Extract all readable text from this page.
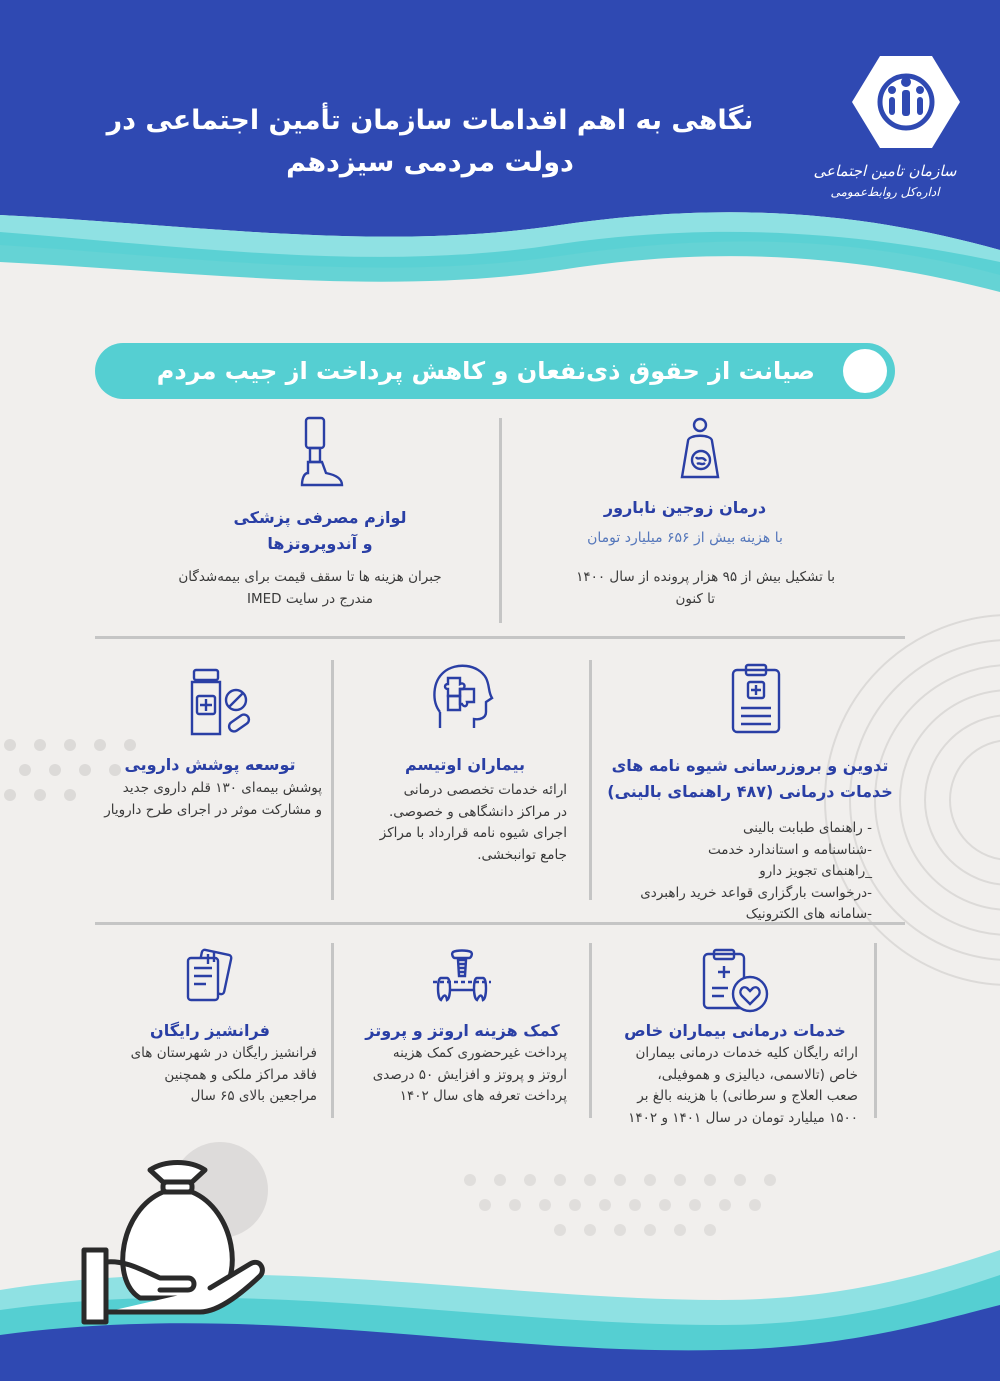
سازمان تامین اجتماعی
اداره‌کل روابط‌عمومی
نگاهی به اهم اقدامات سازمان تأمین اجتماعی در
دولت مردمی سیزدهم
صیانت از حقوق ذی‌نفعان و کاهش پرداخت از جیب مردم
درمان زوجین نابارور
با هزینه بیش از ۶۵۶ میلیارد تومان
با تشکیل بیش از ۹۵ هزار پرونده از سال ۱۴۰۰
تا کنون
لوازم مصرفی پزشکی
و آندوپروتزها
جبران هزینه ها تا سقف قیمت برای بیمه‌شدگان
مندرج در سایت IMED
تدوین و بروزرسانی شیوه نامه های
خدمات درمانی (۴۸۷ راهنمای بالینی)
- راهنمای طبابت بالینی
-شناسنامه و استاندارد خدمت
_راهنمای تجویز دارو
-درخواست بارگزاری قواعد خرید راهبردی
-سامانه های الکترونیک
بیماران اوتیسم
ارائه خدمات تخصصی درمانی
در مراکز دانشگاهی و خصوصی.
اجرای شیوه نامه قرارداد با مراکز
جامع توانبخشی.
توسعه پوشش دارویی
پوشش بیمه‌ای ۱۳۰ قلم داروی جدید
و مشارکت موثر در اجرای طرح دارویار
خدمات درمانی بیماران خاص
ارائه رایگان کلیه خدمات درمانی بیماران
خاص (تالاسمی، دیالیزی و هموفیلی،
صعب العلاج و سرطانی) با هزینه بالغ بر
۱۵۰۰ میلیارد تومان در سال ۱۴۰۱ و ۱۴۰۲
کمک هزینه اروتز و پروتز
پرداخت غیرحضوری کمک هزینه
اروتز و پروتز و افزایش ۵۰ درصدی
پرداخت تعرفه های سال ۱۴۰۲
فرانشیز رایگان
فرانشیز رایگان در شهرستان های
فاقد مراکز ملکی و همچنین
مراجعین بالای ۶۵ سال
